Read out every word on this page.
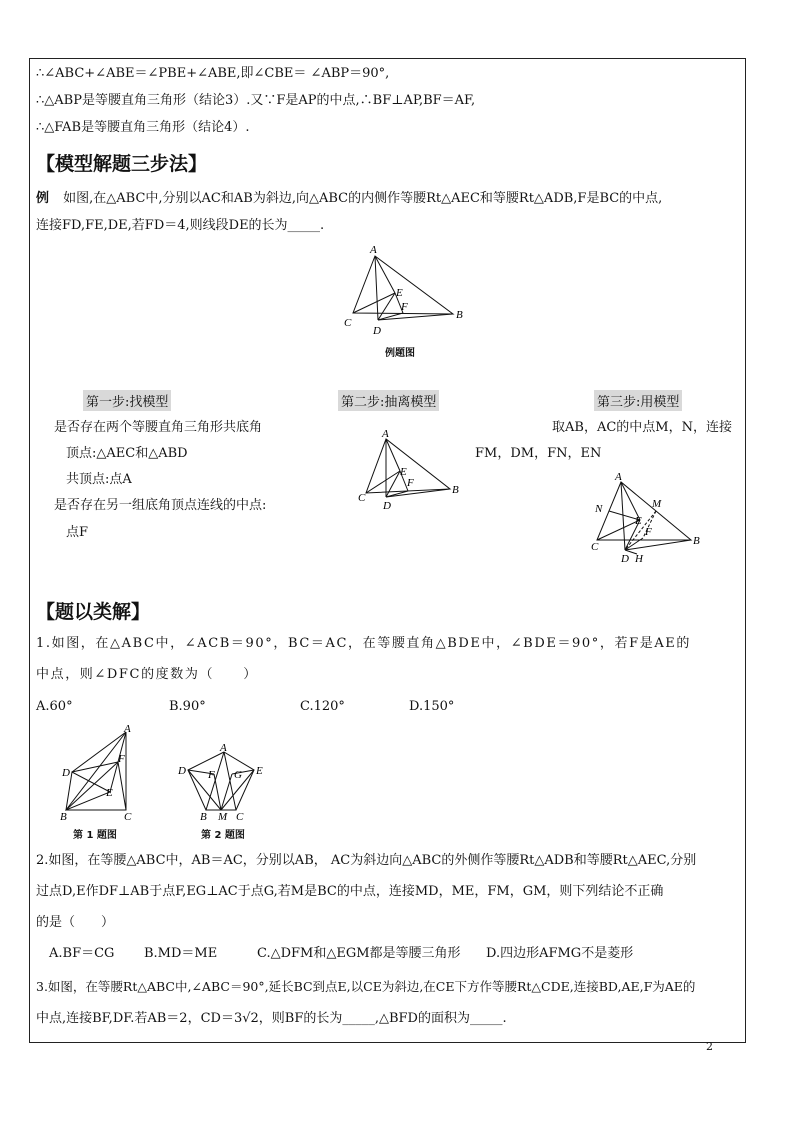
∴∠ABC+∠ABE＝∠PBE+∠ABE,即∠CBE＝ ∠ABP＝90°,
∴△ABP是等腰直角三角形（结论3）.又∵F是AP的中点,∴BF⊥AP,BF＝AF,
∴△FAB是等腰直角三角形（结论4）.
【模型解题三步法】
例 如图,在△ABC中,分别以AC和AB为斜边,向△ABC的内侧作等腰Rt△AEC和等腰Rt△ADB,F是BC的中点,
连接FD,FE,DE,若FD＝4,则线段DE的长为_____.
A
C
B
D
E
F
例题图
第一步:找模型	第二步:抽离模型	第三步:用模型
是否存在两个等腰直角三角形共底角
顶点:△AEC和△ABD
共顶点:点A
是否存在另一组底角顶点连线的中点:
点F
A
C
B
D
E
F
取AB，AC的中点M，N，连接
FM，DM，FN，EN
A
C	B
N	M
E
F
D H
【题以类解】
1.如图，在△ABC中，∠ACB＝90°，BC＝AC，在等腰直角△BDE中，∠BDE＝90°，若F是AE的
中点，则∠DFC的度数为（　　）
A.60°	B.90°	C.120°	D.150°
A
D
F
E
B	C
第 1 题图
A
D	E
F G
B M C
第 2 题图
2.如图，在等腰△ABC中，AB＝AC，分别以AB， AC为斜边向△ABC的外侧作等腰Rt△ADB和等腰Rt△AEC,分别
过点D,E作DF⊥AB于点F,EG⊥AC于点G,若M是BC的中点，连接MD，ME，FM，GM，则下列结论不正确
的是（　　）
A.BF＝CG B.MD＝ME	C.△DFM和△EGM都是等腰三角形 D.四边形AFMG不是菱形
3.如图，在等腰Rt△ABC中,∠ABC＝90°,延长BC到点E,以CE为斜边,在CE下方作等腰Rt△CDE,连接BD,AE,F为AE的
中点,连接BF,DF.若AB＝2，CD＝3√2，则BF的长为_____,△BFD的面积为_____.
2
